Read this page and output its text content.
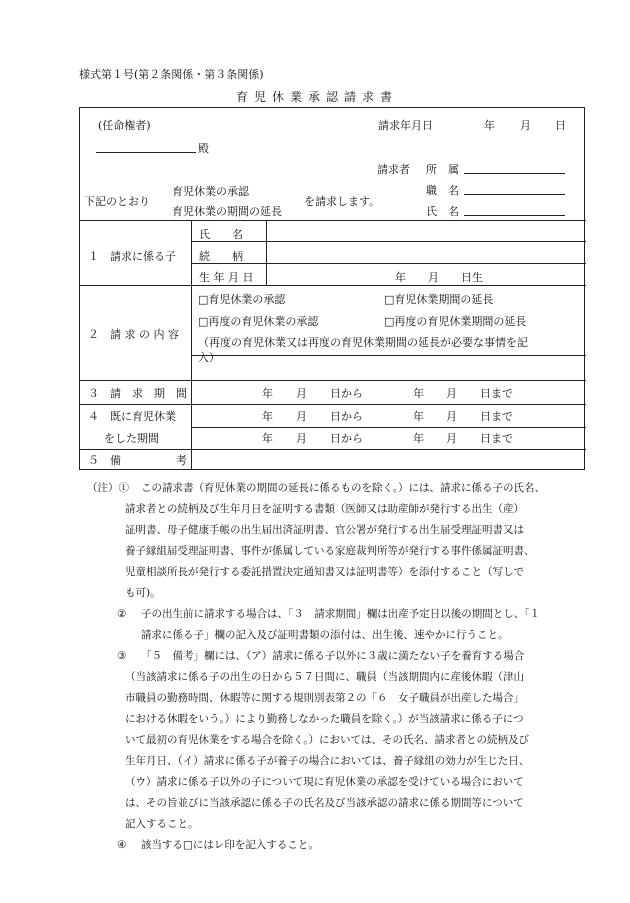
様式第１号(第２条関係・第３条関係)
育児休業承認請求書
(任命権者)
殿
請求年月日	年 月 日
請求者 所　属
職　名
氏　名
下記のとおり
育児休業の承認
育児休業の期間の延長
を請求します。
１　請求に係る子
氏　　名
続　　柄
生 年 月 日	年 月 日生
２　請 求 の 内 容
□育児休業の承認	□育児休業期間の延長
□再度の育児休業の承認	□再度の育児休業期間の延長
（再度の育児休業又は再度の育児休業期間の延長が必要な事情を記
入）
３　請　求　期　間	年 月 日から	年 月 日まで
４　既に育児休業
をした期間
年 月 日から	年 月 日まで
年 月 日から	年 月 日まで
５　備　　　　　考
（注）① この請求書（育児休業の期間の延長に係るものを除く。）には、請求に係る子の氏名、
請求者との続柄及び生年月日を証明する書類（医師又は助産師が発行する出生（産）
証明書、母子健康手帳の出生届出済証明書、官公署が発行する出生届受理証明書又は
養子縁組届受理証明書、事件が係属している家庭裁判所等が発行する事件係属証明書、
児童相談所長が発行する委託措置決定通知書又は証明書等）を添付すること（写しで
も可)。
② 子の出生前に請求する場合は、「３　請求期間」欄は出産予定日以後の期間とし、「１
請求に係る子」欄の記入及び証明書類の添付は、出生後、速やかに行うこと。
③ 「５　備考」欄には、（ア）請求に係る子以外に３歳に満たない子を養育する場合
（当該請求に係る子の出生の日から５７日間に、職員（当該期間内に産後休暇（津山
市職員の勤務時間、休暇等に関する規則別表第２の「６　女子職員が出産した場合」
における休暇をいう。）により勤務しなかった職員を除く。）が当該請求に係る子につ
いて最初の育児休業をする場合を除く。）においては、その氏名、請求者との続柄及び
生年月日、（イ）請求に係る子が養子の場合においては、養子縁組の効力が生じた日、
（ウ）請求に係る子以外の子について現に育児休業の承認を受けている場合において
は、その旨並びに当該承認に係る子の氏名及び当該承認の請求に係る期間等について
記入すること。
④ 該当する□にはレ印を記入すること。
